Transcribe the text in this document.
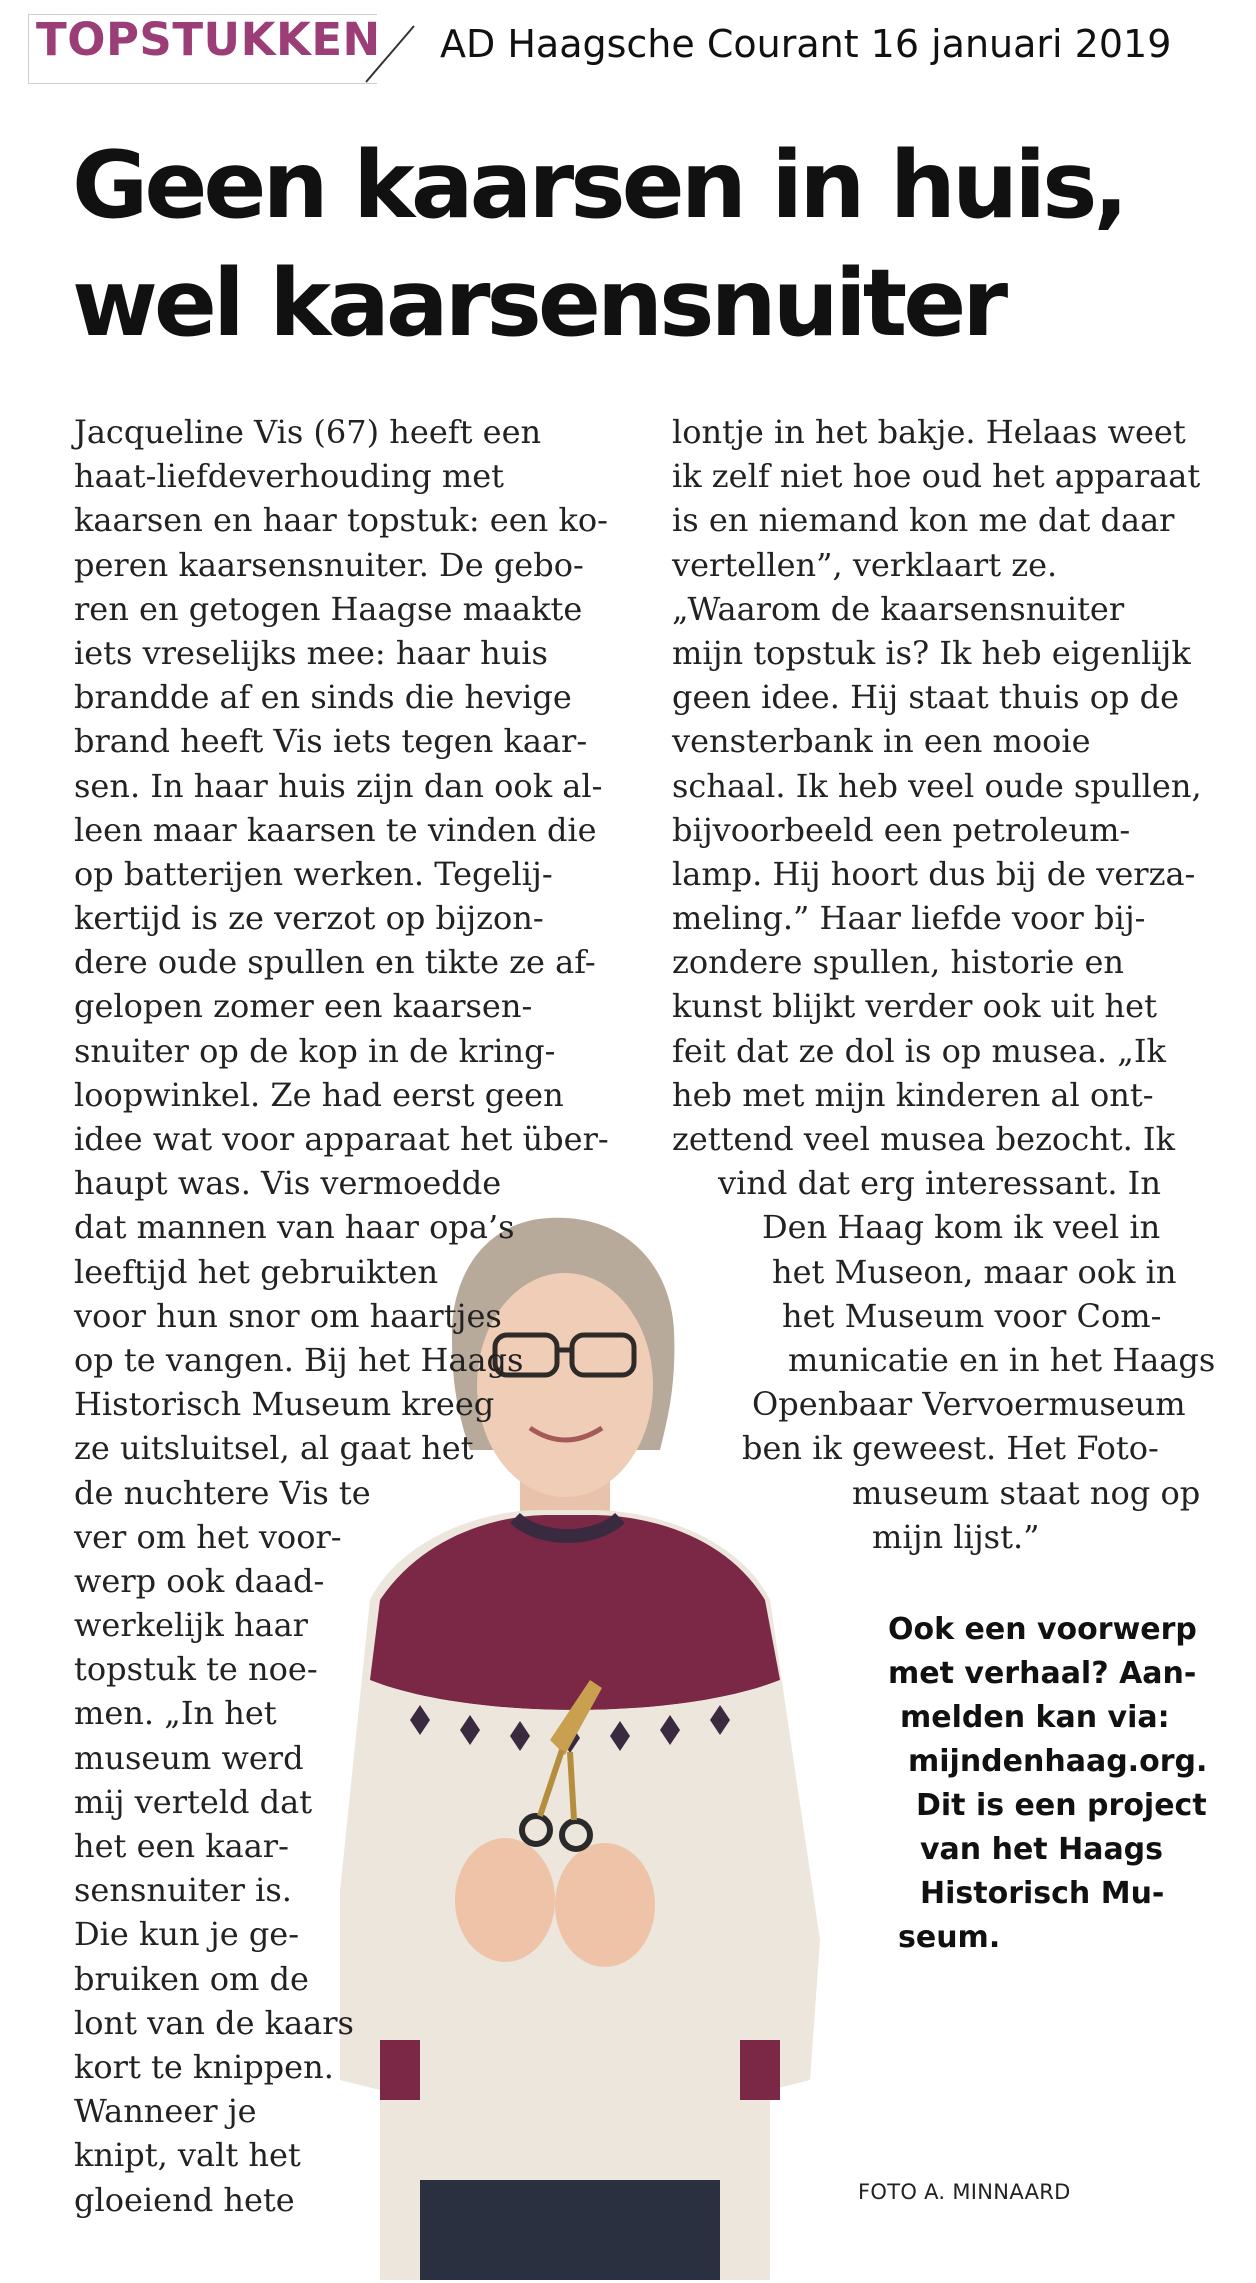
TOPSTUKKEN AD Haagsche Courant 16 januari 2019
Geen kaarsen in huis,
wel kaarsensnuiter
Jacqueline Vis (67) heeft een
haat-liefdeverhouding met
kaarsen en haar topstuk: een ko-
peren kaarsensnuiter. De gebo-
ren en getogen Haagse maakte
iets vreselijks mee: haar huis
brandde af en sinds die hevige
brand heeft Vis iets tegen kaar-
sen. In haar huis zijn dan ook al-
leen maar kaarsen te vinden die
op batterijen werken. Tegelij-
kertijd is ze verzot op bijzon-
dere oude spullen en tikte ze af-
gelopen zomer een kaarsen-
snuiter op de kop in de kring-
loopwinkel. Ze had eerst geen
idee wat voor apparaat het über-
haupt was. Vis vermoedde
dat mannen van haar opa’s
leeftijd het gebruikten
voor hun snor om haartjes
op te vangen. Bij het Haags
Historisch Museum kreeg
ze uitsluitsel, al gaat het
de nuchtere Vis te
ver om het voor-
werp ook daad-
werkelijk haar
topstuk te noe-
men. „In het
museum werd
mij verteld dat
het een kaar-
sensnuiter is.
Die kun je ge-
bruiken om de
lont van de kaars
kort te knippen.
Wanneer je
knipt, valt het
gloeiend hete
lontje in het bakje. Helaas weet
ik zelf niet hoe oud het apparaat
is en niemand kon me dat daar
vertellen”, verklaart ze.
„Waarom de kaarsensnuiter
mijn topstuk is? Ik heb eigenlijk
geen idee. Hij staat thuis op de
vensterbank in een mooie
schaal. Ik heb veel oude spullen,
bijvoorbeeld een petroleum-
lamp. Hij hoort dus bij de verza-
meling.” Haar liefde voor bij-
zondere spullen, historie en
kunst blijkt verder ook uit het
feit dat ze dol is op musea. „Ik
heb met mijn kinderen al ont-
zettend veel musea bezocht. Ik
vind dat erg interessant. In
Den Haag kom ik veel in
het Museon, maar ook in
het Museum voor Com-
municatie en in het Haags
Openbaar Vervoermuseum
ben ik geweest. Het Foto-
museum staat nog op
mijn lijst.”
Ook een voorwerp
met verhaal? Aan-
melden kan via:
mijndenhaag.org.
Dit is een project
van het Haags
Historisch Mu-
seum.
FOTO A. MINNAARD
